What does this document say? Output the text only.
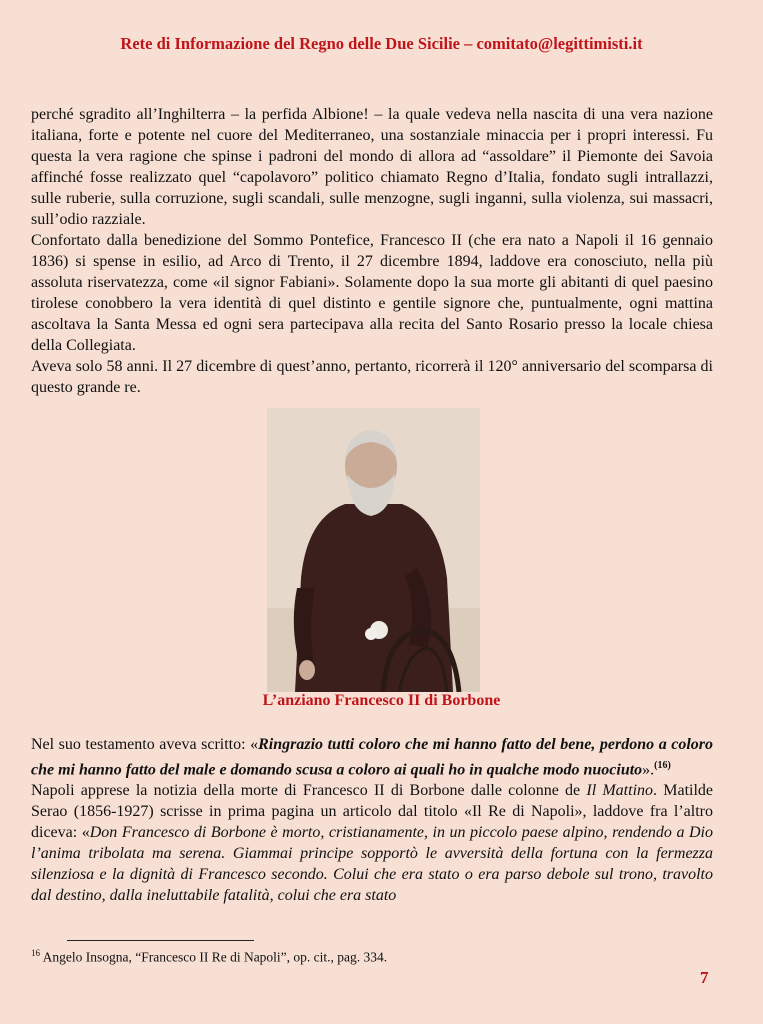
Rete di Informazione del Regno delle Due Sicilie – comitato@legittimisti.it

perché sgradito all’Inghilterra – la perfida Albione! – la quale vedeva nella nascita di una vera nazione italiana, forte e potente nel cuore del Mediterraneo, una sostanziale minaccia per i propri interessi. Fu questa la vera ragione che spinse i padroni del mondo di allora ad “assoldare” il Piemonte dei Savoia affinché fosse realizzato quel “capolavoro” politico chiamato Regno d’Italia, fondato sugli intrallazzi, sulle ruberie, sulla corruzione, sugli scandali, sulle menzogne, sugli inganni, sulla violenza, sui massacri, sull’odio razziale.

Confortato dalla benedizione del Sommo Pontefice, Francesco II (che era nato a Napoli il 16 gennaio 1836) si spense in esilio, ad Arco di Trento, il 27 dicembre 1894, laddove era conosciuto, nella più assoluta riservatezza, come «il signor Fabiani». Solamente dopo la sua morte gli abitanti di quel paesino tirolese conobbero la vera identità di quel distinto e gentile signore che, puntualmente, ogni mattina ascoltava la Santa Messa ed ogni sera partecipava alla recita del Santo Rosario presso la locale chiesa della Collegiata.

Aveva solo 58 anni. Il 27 dicembre di quest’anno, pertanto, ricorrerà il 120° anniversario del scomparsa di questo grande re.

L’anziano Francesco II di Borbone

Nel suo testamento aveva scritto: «Ringrazio tutti coloro che mi hanno fatto del bene, perdono a coloro che mi hanno fatto del male e domando scusa a coloro ai quali ho in qualche modo nuociuto».$^{(16)}$

Napoli apprese la notizia della morte di Francesco II di Borbone dalle colonne de Il Mattino. Matilde Serao (1856-1927) scrisse in prima pagina un articolo dal titolo «Il Re di Napoli», laddove fra l’altro diceva: «Don Francesco di Borbone è morto, cristianamente, in un piccolo paese alpino, rendendo a Dio l’anima tribolata ma serena. Giammai principe sopportò le avversità della fortuna con la fermezza silenziosa e la dignità di Francesco secondo. Colui che era stato o era parso debole sul trono, travolto dal destino, dalla ineluttabile fatalità, colui che era stato

$^{16}$ Angelo Insogna, “Francesco II Re di Napoli”, op. cit., pag. 334.
7
